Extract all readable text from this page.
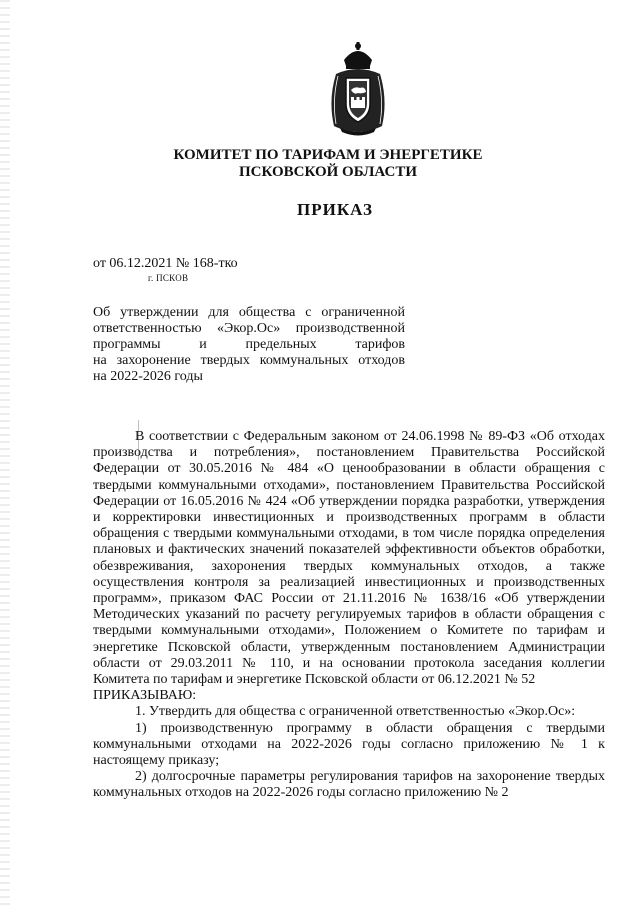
КОМИТЕТ ПО ТАРИФАМ И ЭНЕРГЕТИКЕ
ПСКОВСКОЙ ОБЛАСТИ
ПРИКАЗ
от 06.12.2021 № 168-тко
г. ПСКОВ
Об утверждении для общества с ограниченной
ответственностью «Экор.Ос» производственной
программы и предельных тарифов
на захоронение твердых коммунальных отходов
на 2022-2026 годы

В соответствии с Федеральным законом от 24.06.1998 № 89-ФЗ «Об отходах производства и потребления», постановлением Правительства Российской Федерации от 30.05.2016 № 484 «О ценообразовании в области обращения с твердыми коммунальными отходами», постановлением Правительства Российской Федерации от 16.05.2016 № 424 «Об утверждении порядка разработки, утверждения и корректировки инвестиционных и производственных программ в области обращения с твердыми коммунальными отходами, в том числе порядка определения плановых и фактических значений показателей эффективности объектов обработки, обезвреживания, захоронения твердых коммунальных отходов, а также осуществления контроля за реализацией инвестиционных и производственных программ», приказом ФАС России от 21.11.2016 № 1638/16 «Об утверждении Методических указаний по расчету регулируемых тарифов в области обращения с твердыми коммунальными отходами», Положением о Комитете по тарифам и энергетике Псковской области, утвержденным постановлением Администрации области от 29.03.2011 № 110, и на основании протокола заседания коллегии Комитета по тарифам и энергетике Псковской области от 06.12.2021 № 52

ПРИКАЗЫВАЮ:

1. Утвердить для общества с ограниченной ответственностью «Экор.Ос»:

1) производственную программу в области обращения с твердыми коммунальными отходами на 2022-2026 годы согласно приложению № 1 к настоящему приказу;

2) долгосрочные параметры регулирования тарифов на захоронение твердых коммунальных отходов на 2022-2026 годы согласно приложению № 2
